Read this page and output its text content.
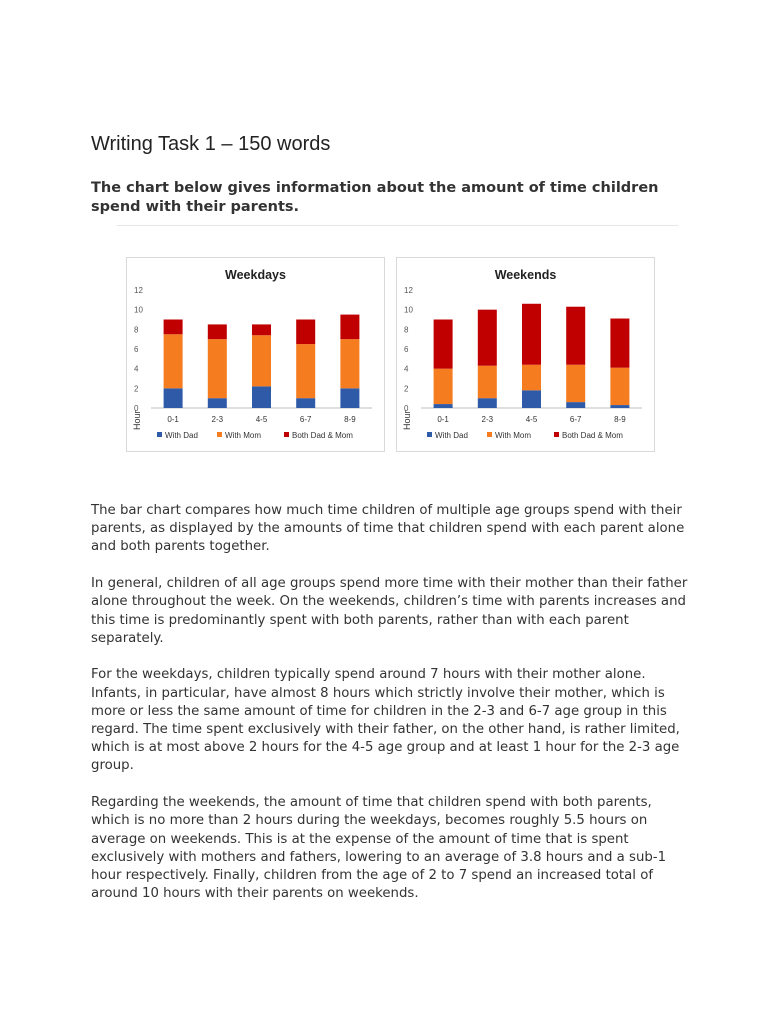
Writing Task 1 – 150 words

The chart below gives information about the amount of time children spend with their parents.

Weekdays
0
2
4
6
8
10
12
Hour	0-1	2-3	4-5	6-7	8-9
With Dad	With Mom	Both Dad & Mom
Weekends
0
2
4
6
8
10
12
Hour	0-1	2-3	4-5	6-7	8-9
With Dad	With Mom	Both Dad & Mom

The bar chart compares how much time children of multiple age groups spend with their parents, as displayed by the amounts of time that children spend with each parent alone and both parents together.

In general, children of all age groups spend more time with their mother than their father alone throughout the week. On the weekends, children’s time with parents increases and this time is predominantly spent with both parents, rather than with each parent separately.

For the weekdays, children typically spend around 7 hours with their mother alone. Infants, in particular, have almost 8 hours which strictly involve their mother, which is more or less the same amount of time for children in the 2-3 and 6-7 age group in this regard. The time spent exclusively with their father, on the other hand, is rather limited, which is at most above 2 hours for the 4-5 age group and at least 1 hour for the 2-3 age group.

Regarding the weekends, the amount of time that children spend with both parents, which is no more than 2 hours during the weekdays, becomes roughly 5.5 hours on average on weekends. This is at the expense of the amount of time that is spent exclusively with mothers and fathers, lowering to an average of 3.8 hours and a sub-1 hour respectively. Finally, children from the age of 2 to 7 spend an increased total of around 10 hours with their parents on weekends.
